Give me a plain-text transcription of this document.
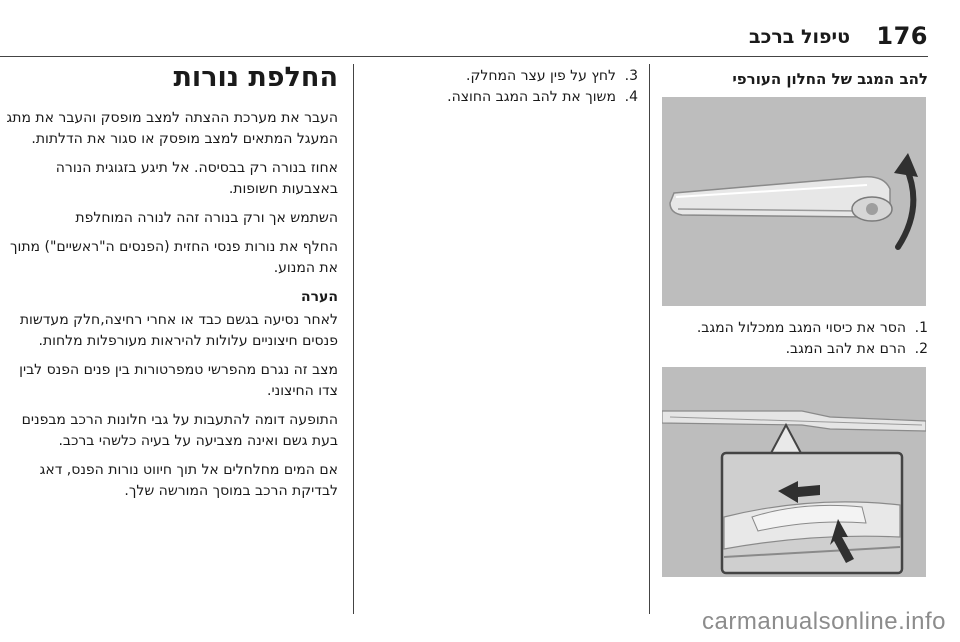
176
טיפול ברכב
להב המגב של החלון העורפי
1.
הסר את כיסוי המגב ממכלול המגב.
2.
הרם את להב המגב.
3.
לחץ על פין עצר המחלק.
4.
משוך את להב המגב החוצה.
החלפת נורות

העבר את מערכת ההצתה למצב מופסק והעבר את מתג המעגל המתאים למצב מופסק או סגור את הדלתות.

אחוז בנורה רק בבסיסה. אל תיגע בזגוגית הנורה באצבעות חשופות.

השתמש אך ורק בנורה זהה לנורה המוחלפת

החלף את נורות פנסי החזית (הפנסים ה"ראשיים") מתוך את המנוע.

הערה

לאחר נסיעה בגשם כבד או אחרי רחיצה,חלק מעדשות פנסים חיצוניים עלולות להיראות מעורפלות מלחות.

מצב זה נגרם מהפרשי טמפרטורות בין פנים הפנס לבין צדו החיצוני.

התופעה דומה להתעבות על גבי חלונות הרכב מבפנים בעת גשם ואינה מצביעה על בעיה כלשהי ברכב.

אם המים מחלחלים אל תוך חיווט נורות הפנס, דאג לבדיקת הרכב במוסך המורשה שלך.

carmanualsonline.info
